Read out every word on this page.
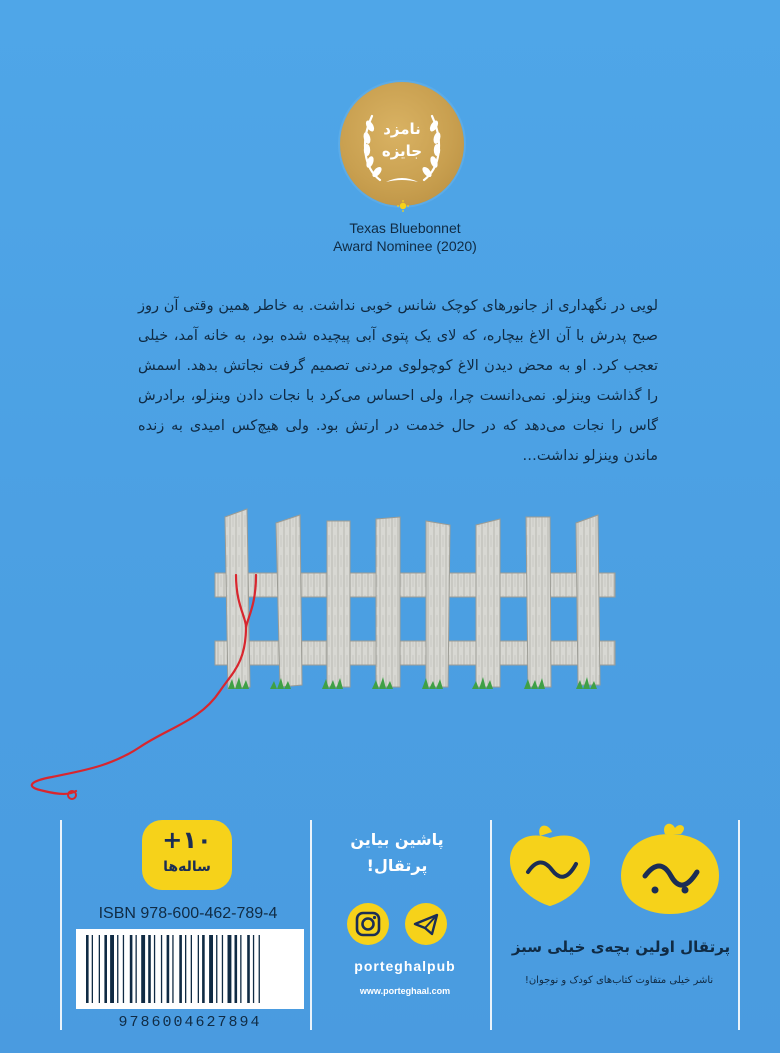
نامزد
جایزه
Texas Bluebonnet
Award Nominee (2020)

لویی در نگهداری از جانورهای کوچک شانس خوبی نداشت. به خاطر همین وقتی آن روز صبح پدرش با آن الاغ بیچاره، که لای یک پتوی آبی پیچیده شده بود، به خانه آمد، خیلی تعجب کرد. او به محض دیدن الاغ کوچولوی مردنی تصمیم گرفت نجاتش بدهد. اسمش را گذاشت وینزلو. نمی‌دانست چرا، ولی احساس می‌کرد با نجات دادن وینزلو، برادرش گاس را نجات می‌دهد که در حال خدمت در ارتش بود. ولی هیچ‌کس امیدی به زنده ماندن وینزلو نداشت…

+۱۰
ساله‌ها
ISBN 978-600-462-789-4
9786004627894
پاشین بیاین
پرتقال!
porteghalpub
www.porteghaal.com
پرتقال اولین بچه‌ی خیلی سبز
ناشر خیلی متفاوت کتاب‌های کودک و نوجوان!
